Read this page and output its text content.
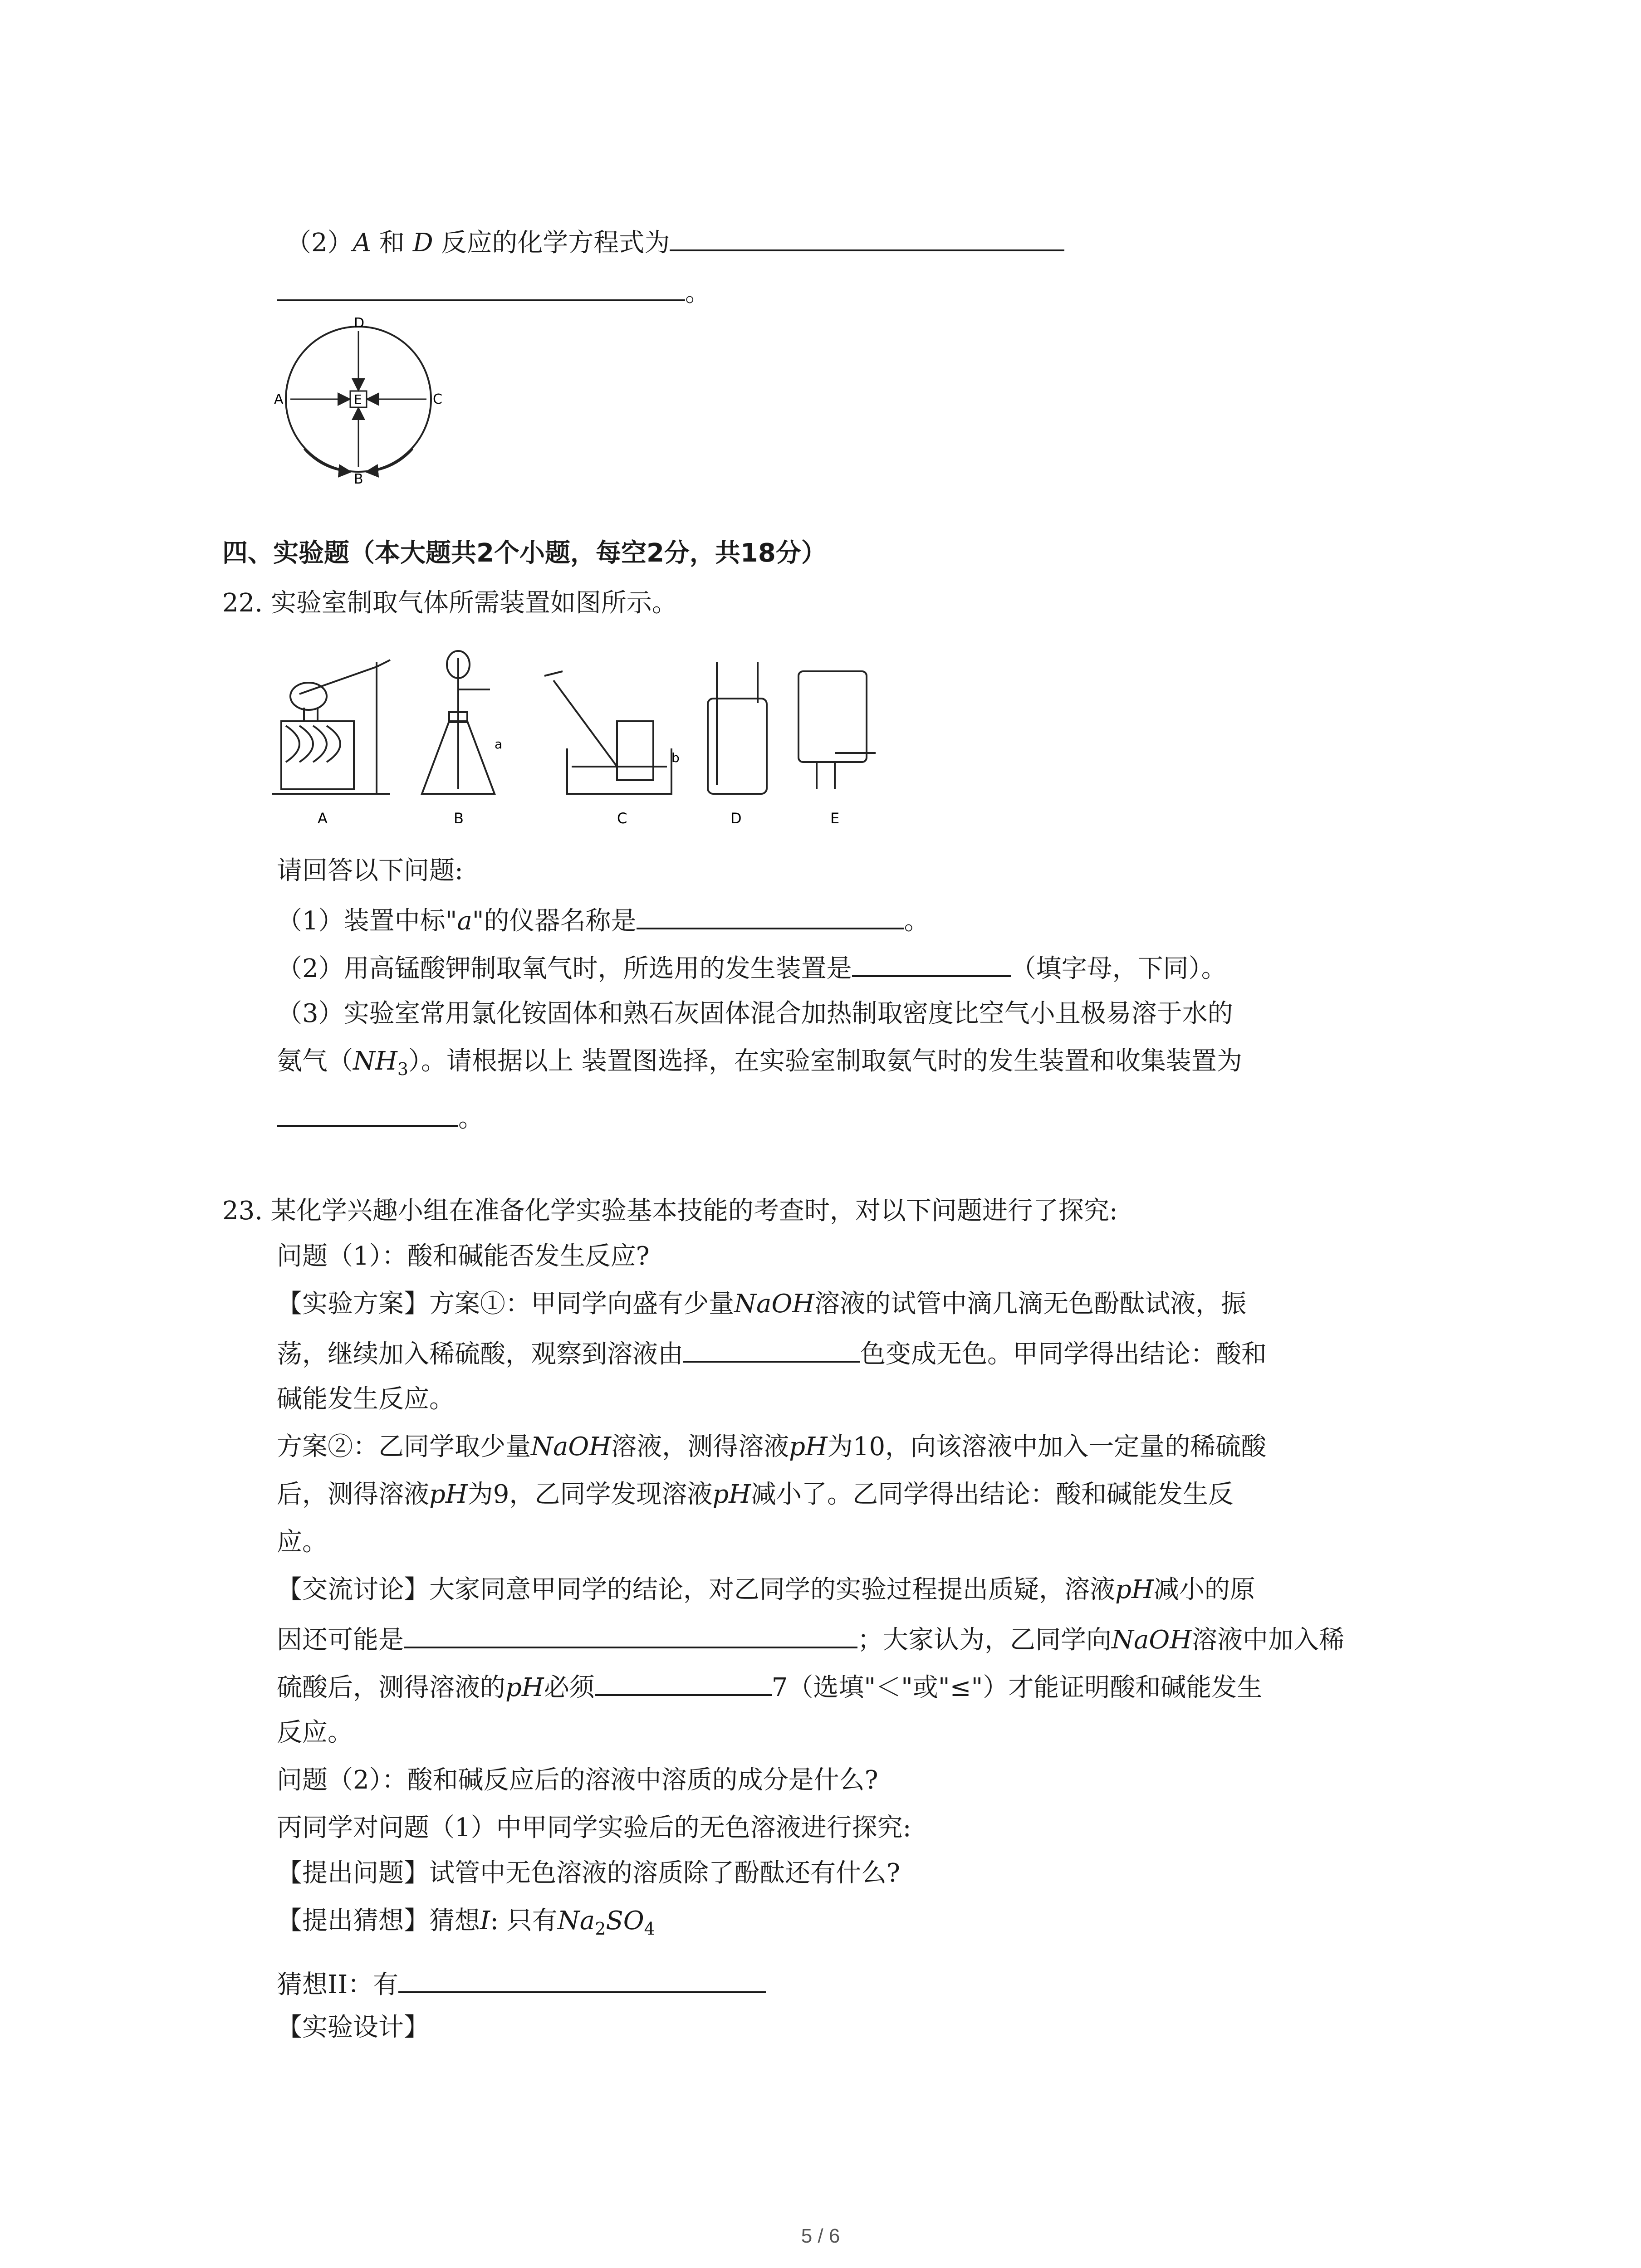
（2）A 和 D 反应的化学方程式为
。
D
A	E	C
B
四、实验题（本大题共2个小题，每空2分，共18分）
22. 实验室制取气体所需装置如图所示。
a
b
A	B	C	D	E
请回答以下问题:
（1）装置中标"a"的仪器名称是	。
（2）用高锰酸钾制取氧气时，所选用的发生装置是	（填字母，下同）。
（3）实验室常用氯化铵固体和熟石灰固体混合加热制取密度比空气小且极易溶于水的
氨气$(NH_3)$。请根据以上 装置图选择，在实验室制取氨气时的发生装置和收集装置为
。
23. 某化学兴趣小组在准备化学实验基本技能的考查时，对以下问题进行了探究:
问题（1）：酸和碱能否发生反应?
【实验方案】方案①：甲同学向盛有少量NaOH溶液的试管中滴几滴无色酚酞试液，振
荡，继续加入稀硫酸，观察到溶液由	色变成无色。甲同学得出结论：酸和
碱能发生反应。
方案②：乙同学取少量NaOH溶液，测得溶液pH为10，向该溶液中加入一定量的稀硫酸
后，测得溶液pH为9，乙同学发现溶液pH减小了。乙同学得出结论：酸和碱能发生反
应。
【交流讨论】大家同意甲同学的结论，对乙同学的实验过程提出质疑，溶液pH减小的原
因还可能是	；大家认为，乙同学向NaOH溶液中加入稀
硫酸后，测得溶液的pH必须	7（选填"＜"或"≤"）才能证明酸和碱能发生
反应。
问题（2）：酸和碱反应后的溶液中溶质的成分是什么?
丙同学对问题（1）中甲同学实验后的无色溶液进行探究:
【提出问题】试管中无色溶液的溶质除了酚酞还有什么?
【提出猜想】猜想I: 只有$Na_2SO_4$
猜想II：有
【实验设计】
5 / 6
